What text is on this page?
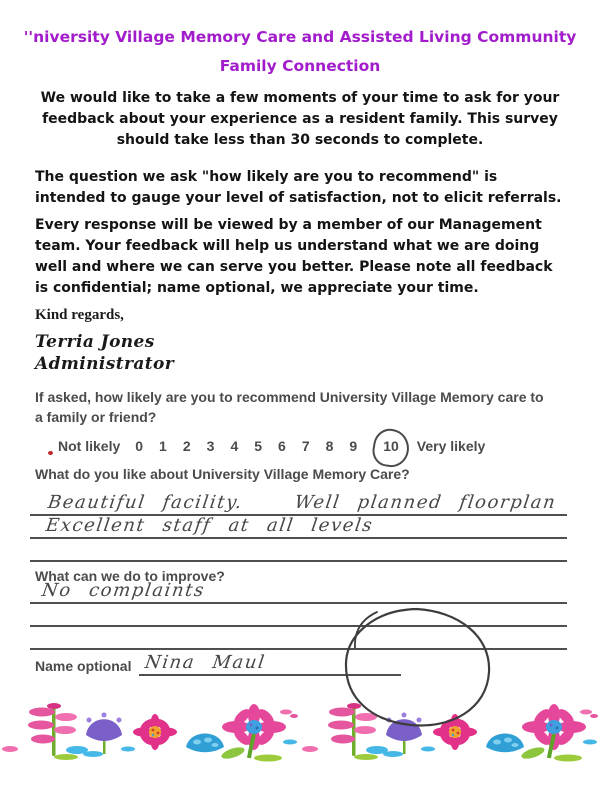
''niversity Village Memory Care and Assisted Living Community
Family Connection
We would like to take a few moments of your time to ask for your feedback about your experience as a resident family. This survey should take less than 30 seconds to complete.
The question we ask "how likely are you to recommend" is intended to gauge your level of satisfaction, not to elicit referrals.
Every response will be viewed by a member of our Management team. Your feedback will help us understand what we are doing well and where we can serve you better. Please note all feedback is confidential; name optional, we appreciate your time.
Kind regards,
Terria Jones
Administrator
If asked, how likely are you to recommend University Village Memory care to a family or friend?
Not likely 0 1 2 3 4 5 6 7 8 9 10 Very likely
What do you like about University Village Memory Care?
Beautiful facility.   Well planned floorplan
Excellent staff at all levels
What can we do to improve?
No complaints
Name optional Nina Maul
